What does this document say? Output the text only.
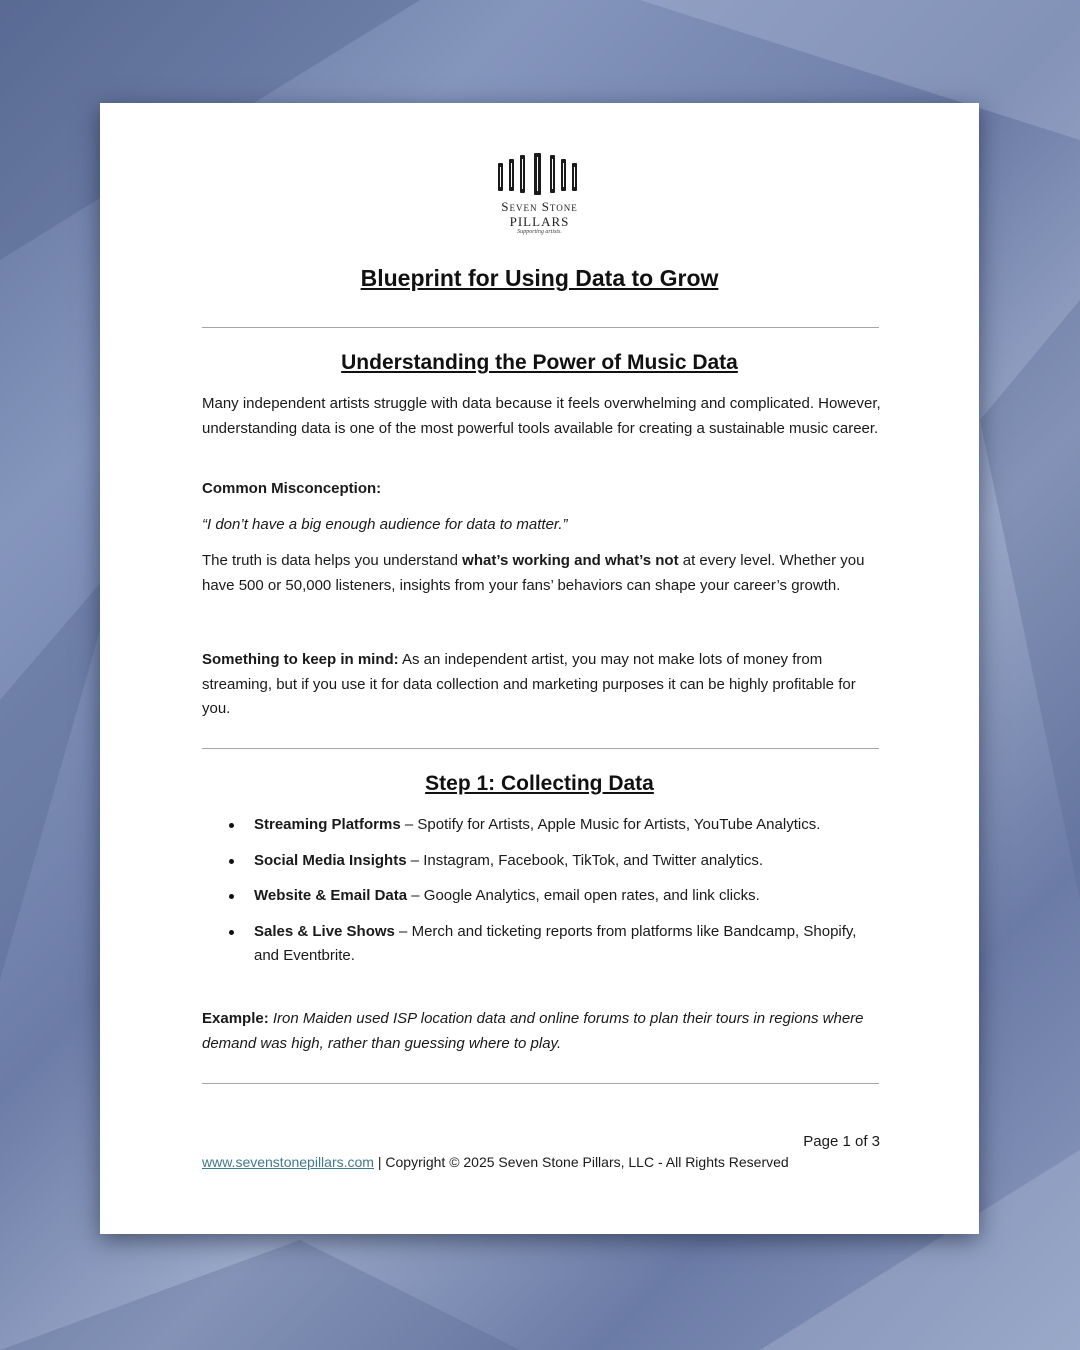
Seven Stone
PILLARS
Supporting artists.
Blueprint for Using Data to Grow
Understanding the Power of Music Data

Many independent artists struggle with data because it feels overwhelming and complicated. However, understanding data is one of the most powerful tools available for creating a sustainable music career.

Common Misconception:

“I don’t have a big enough audience for data to matter.”

The truth is data helps you understand what’s working and what’s not at every level. Whether you have 500 or 50,000 listeners, insights from your fans’ behaviors can shape your career’s growth.

Something to keep in mind: As an independent artist, you may not make lots of money from streaming, but if you use it for data collection and marketing purposes it can be highly profitable for you.

Step 1: Collecting Data
Streaming Platforms – Spotify for Artists, Apple Music for Artists, YouTube Analytics.
Social Media Insights – Instagram, Facebook, TikTok, and Twitter analytics.
Website & Email Data – Google Analytics, email open rates, and link clicks.
Sales & Live Shows – Merch and ticketing reports from platforms like Bandcamp, Shopify, and Eventbrite.

Example: Iron Maiden used ISP location data and online forums to plan their tours in regions where demand was high, rather than guessing where to play.

Page 1 of 3
www.sevenstonepillars.com | Copyright © 2025 Seven Stone Pillars, LLC - All Rights Reserved
